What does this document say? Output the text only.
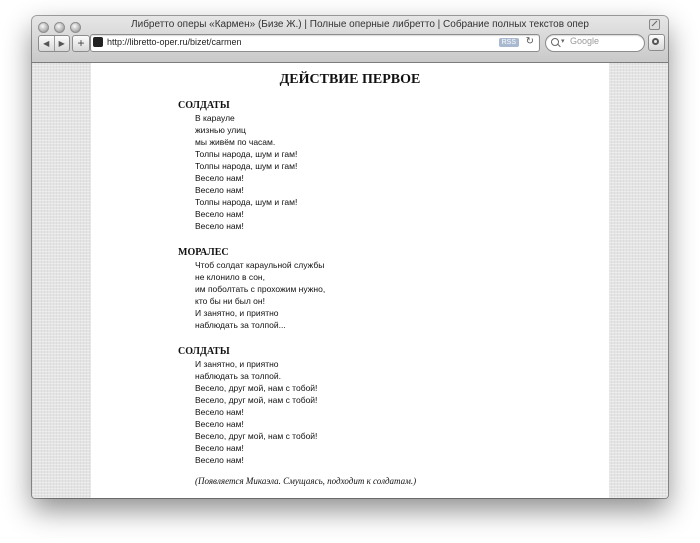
Либретто оперы «Кармен» (Бизе Ж.) | Полные оперные либретто | Собрание полных текстов опер
◀ ▶	+	http://libretto-oper.ru/bizet/carmen	RSS ↻	▾
Google
ДЕЙСТВИЕ ПЕРВОЕ
СОЛДАТЫ
В карауле
жизнью улиц
мы живём по часам.
Толпы народа, шум и гам!
Толпы народа, шум и гам!
Весело нам!
Весело нам!
Толпы народа, шум и гам!
Весело нам!
Весело нам!
МОРАЛЕС
Чтоб солдат караульной службы
не клонило в сон,
им поболтать с прохожим нужно,
кто бы ни был он!
И занятно, и приятно
наблюдать за толпой...
СОЛДАТЫ
И занятно, и приятно
наблюдать за толпой.
Весело, друг мой, нам с тобой!
Весело, друг мой, нам с тобой!
Весело нам!
Весело нам!
Весело, друг мой, нам с тобой!
Весело нам!
Весело нам!
(Появляется Микаэла. Смущаясь, подходит к солдатам.)
